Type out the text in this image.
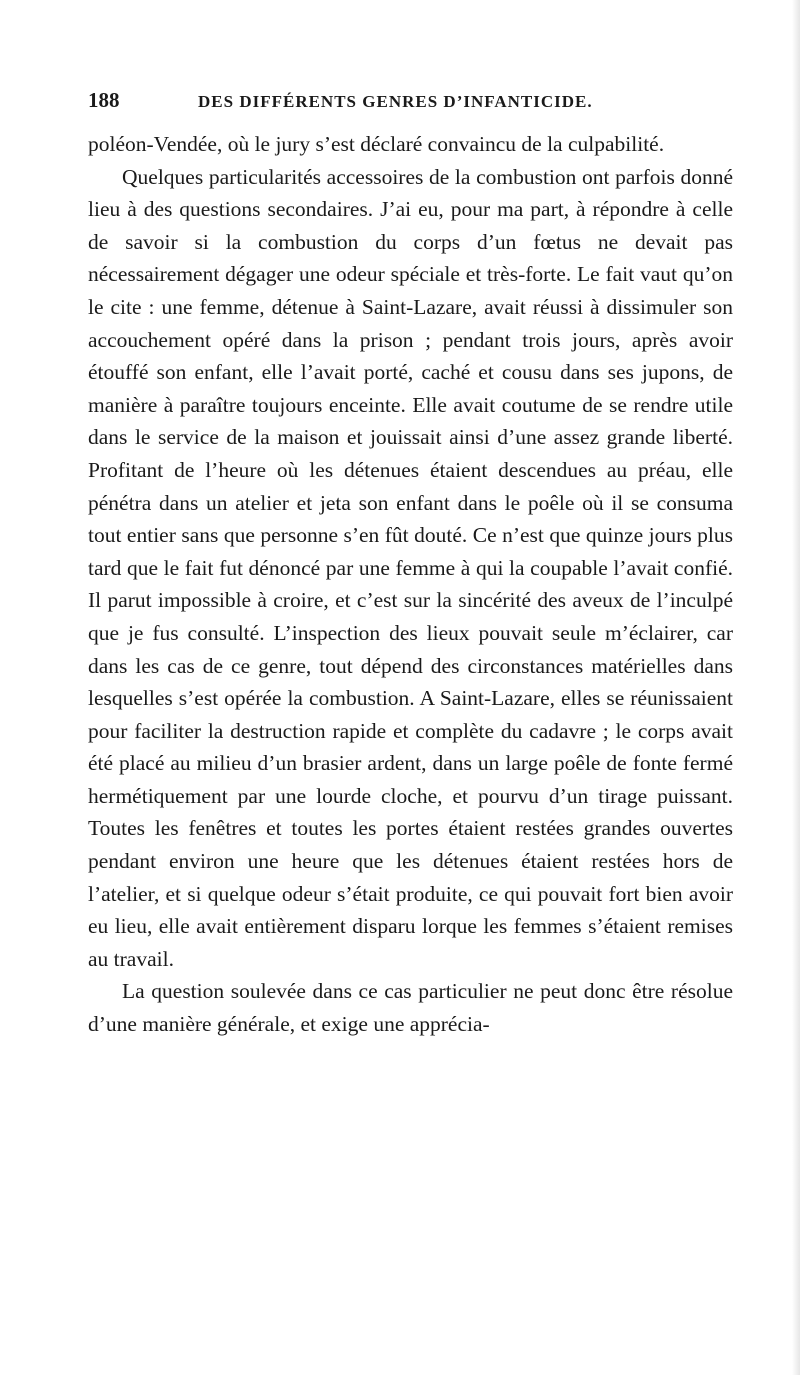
188	DES DIFFÉRENTS GENRES D’INFANTICIDE.

poléon-Vendée, où le jury s’est déclaré convaincu de la culpabilité.

Quelques particularités accessoires de la combustion ont parfois donné lieu à des questions secondaires. J’ai eu, pour ma part, à répondre à celle de savoir si la combustion du corps d’un fœtus ne devait pas nécessairement dégager une odeur spéciale et très-forte. Le fait vaut qu’on le cite : une femme, détenue à Saint-Lazare, avait réussi à dissimuler son accouchement opéré dans la prison ; pendant trois jours, après avoir étouffé son enfant, elle l’avait porté, caché et cousu dans ses jupons, de manière à paraître toujours enceinte. Elle avait coutume de se rendre utile dans le service de la maison et jouissait ainsi d’une assez grande liberté. Profitant de l’heure où les détenues étaient descendues au préau, elle pénétra dans un atelier et jeta son enfant dans le poêle où il se consuma tout entier sans que personne s’en fût douté. Ce n’est que quinze jours plus tard que le fait fut dénoncé par une femme à qui la coupable l’avait confié. Il parut impossible à croire, et c’est sur la sincérité des aveux de l’inculpé que je fus consulté. L’inspection des lieux pouvait seule m’éclairer, car dans les cas de ce genre, tout dépend des circonstances matérielles dans lesquelles s’est opérée la combustion. A Saint-Lazare, elles se réunissaient pour faciliter la destruction rapide et complète du cadavre ; le corps avait été placé au milieu d’un brasier ardent, dans un large poêle de fonte fermé hermétiquement par une lourde cloche, et pourvu d’un tirage puissant. Toutes les fenêtres et toutes les portes étaient restées grandes ouvertes pendant environ une heure que les détenues étaient restées hors de l’atelier, et si quelque odeur s’était produite, ce qui pouvait fort bien avoir eu lieu, elle avait entièrement disparu lorque les femmes s’étaient remises au travail.

La question soulevée dans ce cas particulier ne peut donc être résolue d’une manière générale, et exige une apprécia-
